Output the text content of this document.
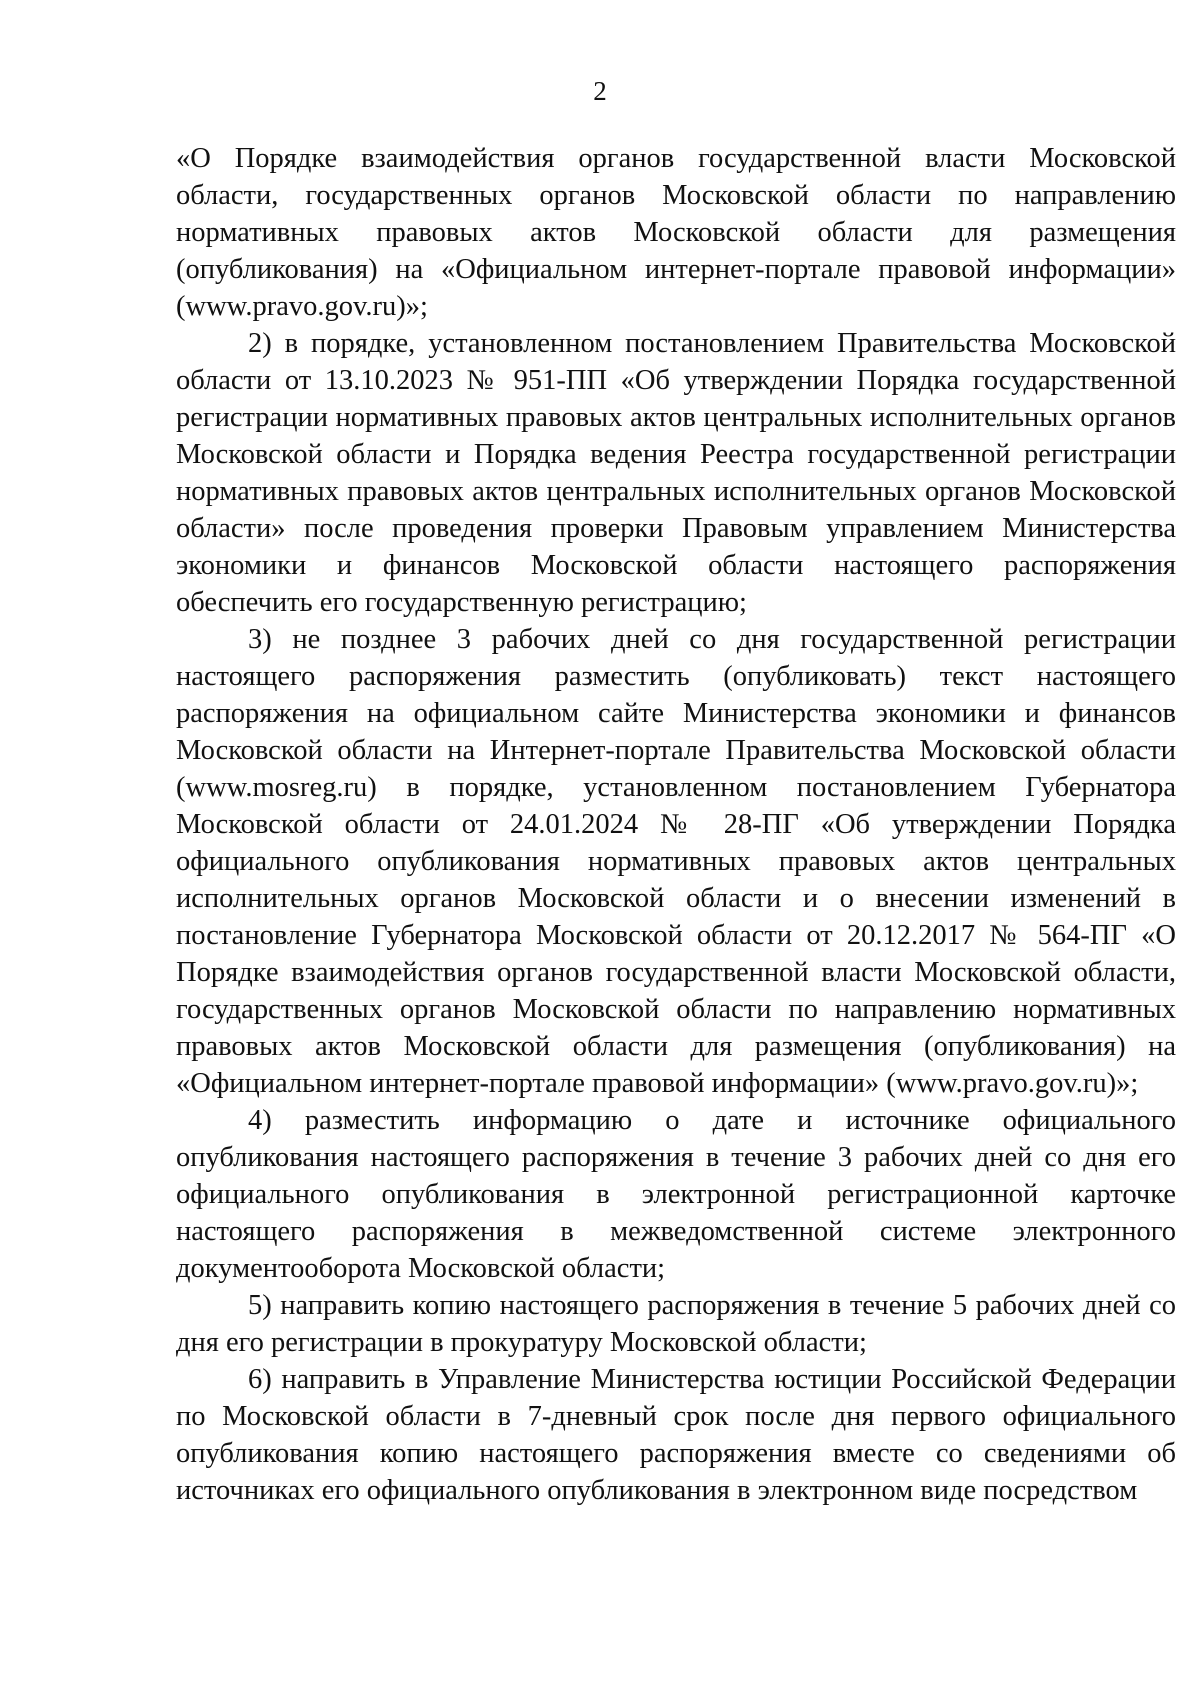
2

«О Порядке взаимодействия органов государственной власти Московской области, государственных органов Московской области по направлению нормативных правовых актов Московской области для размещения (опубликования) на «Официальном интернет-портале правовой информации» (www.pravo.gov.ru)»;

2) в порядке, установленном постановлением Правительства Московской области от 13.10.2023 № 951-ПП «Об утверждении Порядка государственной регистрации нормативных правовых актов центральных исполнительных органов Московской области и Порядка ведения Реестра государственной регистрации нормативных правовых актов центральных исполнительных органов Московской области» после проведения проверки Правовым управлением Министерства экономики и финансов Московской области настоящего распоряжения обеспечить его государственную регистрацию;

3) не позднее 3 рабочих дней со дня государственной регистрации настоящего распоряжения разместить (опубликовать) текст настоящего распоряжения на официальном сайте Министерства экономики и финансов Московской области на Интернет-портале Правительства Московской области (www.mosreg.ru) в порядке, установленном постановлением Губернатора Московской области от 24.01.2024 № 28-ПГ «Об утверждении Порядка официального опубликования нормативных правовых актов центральных исполнительных органов Московской области и о внесении изменений в постановление Губернатора Московской области от 20.12.2017 № 564-ПГ «О Порядке взаимодействия органов государственной власти Московской области, государственных органов Московской области по направлению нормативных правовых актов Московской области для размещения (опубликования) на «Официальном интернет-портале правовой информации» (www.pravo.gov.ru)»;

4) разместить информацию о дате и источнике официального опубликования настоящего распоряжения в течение 3 рабочих дней со дня его официального опубликования в электронной регистрационной карточке настоящего распоряжения в межведомственной системе электронного документооборота Московской области;

5) направить копию настоящего распоряжения в течение 5 рабочих дней со дня его регистрации в прокуратуру Московской области;

6) направить в Управление Министерства юстиции Российской Федерации по Московской области в 7-дневный срок после дня первого официального опубликования копию настоящего распоряжения вместе со сведениями об источниках его официального опубликования в электронном виде посредством
